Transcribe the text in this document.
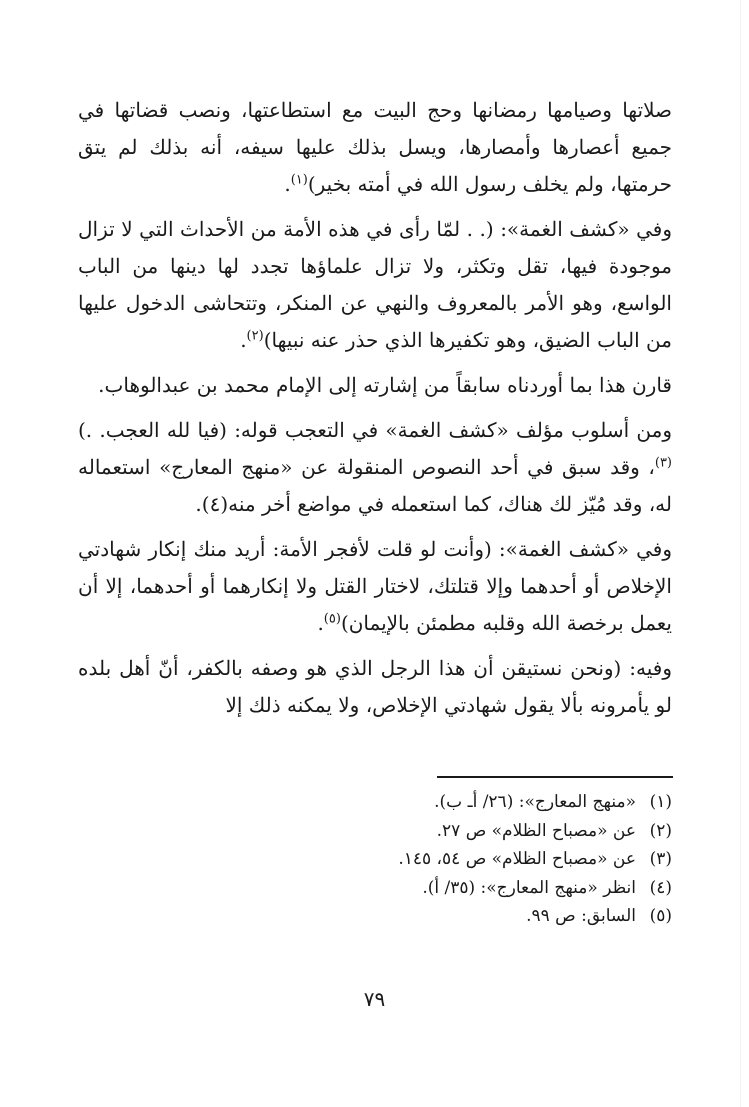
صلاتها وصيامها رمضانها وحج البيت مع استطاعتها، ونصب قضاتها في جميع أعصارها وأمصارها، ويسل بذلك عليها سيفه، أنه بذلك لم يتق حرمتها، ولم يخلف رسول الله في أمته بخير)$^{(١)}$.

وفي «كشف الغمة»: (. . لمّا رأى في هذه الأمة من الأحداث التي لا تزال موجودة فيها، تقل وتكثر، ولا تزال علماؤها تجدد لها دينها من الباب الواسع، وهو الأمر بالمعروف والنهي عن المنكر، وتتحاشى الدخول عليها من الباب الضيق، وهو تكفيرها الذي حذر عنه نبيها)$^{(٢)}$.

قارن هذا بما أوردناه سابقاً من إشارته إلى الإمام محمد بن عبدالوهاب.

ومن أسلوب مؤلف «كشف الغمة» في التعجب قوله: (فيا لله العجب. .)$^{(٣)}$، وقد سبق في أحد النصوص المنقولة عن «منهج المعارج» استعماله له، وقد مُيّز لك هناك، كما استعمله في مواضع أخر منه(٤).

وفي «كشف الغمة»: (وأنت لو قلت لأفجر الأمة: أريد منك إنكار شهادتي الإخلاص أو أحدهما وإلا قتلتك، لاختار القتل ولا إنكارهما أو أحدهما، إلا أن يعمل برخصة الله وقلبه مطمئن بالإيمان)$^{(٥)}$.

وفيه: (ونحن نستيقن أن هذا الرجل الذي هو وصفه بالكفر، أنّ أهل بلده لو يأمرونه بألا يقول شهادتي الإخلاص، ولا يمكنه ذلك إلا

(١)
«منهج المعارج»: (٢٦/ أـ ب).

(٢)
عن «مصباح الظلام» ص ٢٧.

(٣)
عن «مصباح الظلام» ص ٥٤، ١٤٥.

(٤)
انظر «منهج المعارج»: (٣٥/ أ).

(٥)
السابق: ص ٩٩.

٧٩
